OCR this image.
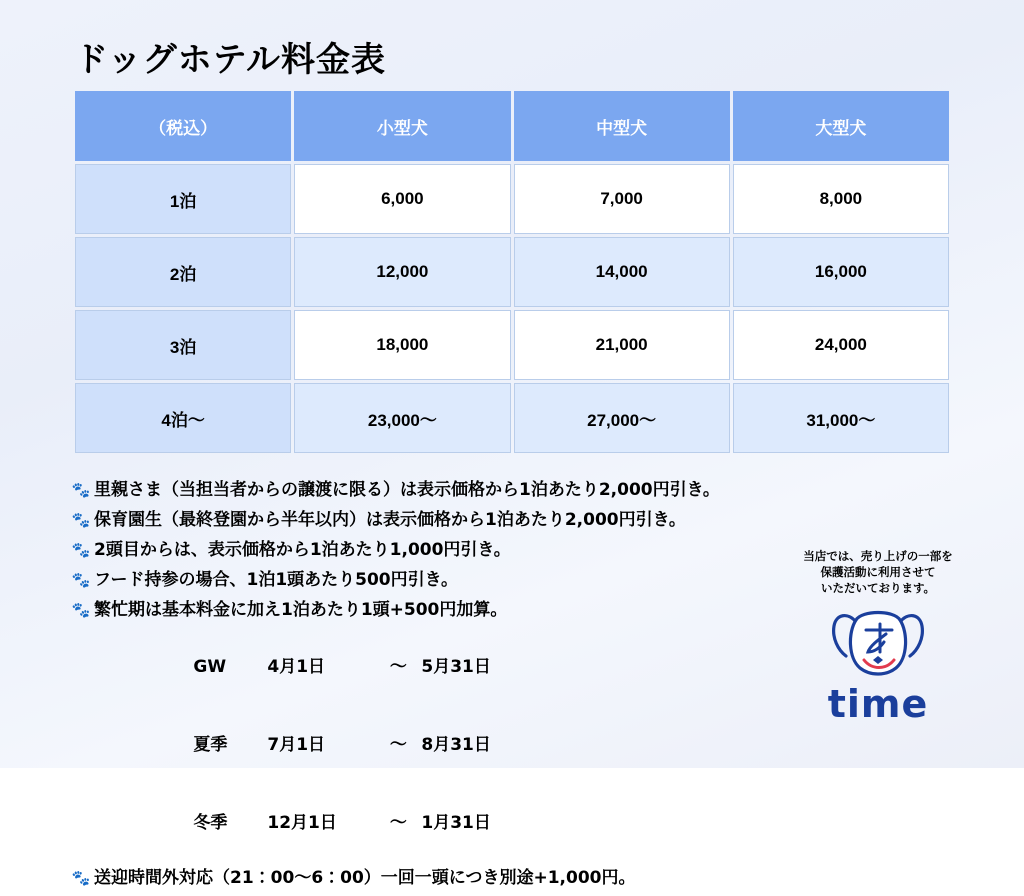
ドッグホテル料金表
（税込）	小型犬	中型犬	大型犬
1泊	6,000	7,000	8,000
2泊	12,000	14,000	16,000
3泊	18,000	21,000	24,000
4泊〜	23,000〜	27,000〜	31,000〜
🐾 里親さま（当担当者からの譲渡に限る）は表示価格から1泊あたり2,000円引き。
🐾 保育園生（最終登園から半年以内）は表示価格から1泊あたり2,000円引き。
🐾 2頭目からは、表示価格から1泊あたり1,000円引き。
🐾 フード持参の場合、1泊1頭あたり500円引き。
🐾 繁忙期は基本料金に加え1泊あたり1頭+500円加算。

GW 4月1日	〜 5月31日

夏季 7月1日	〜 8月31日

冬季 12月1日	〜 1月31日

🐾 送迎時間外対応（21：00〜6：00）一回一頭につき別途+1,000円。
当店では、売り上げの一部を
保護活動に利用させて
いただいております。
time
